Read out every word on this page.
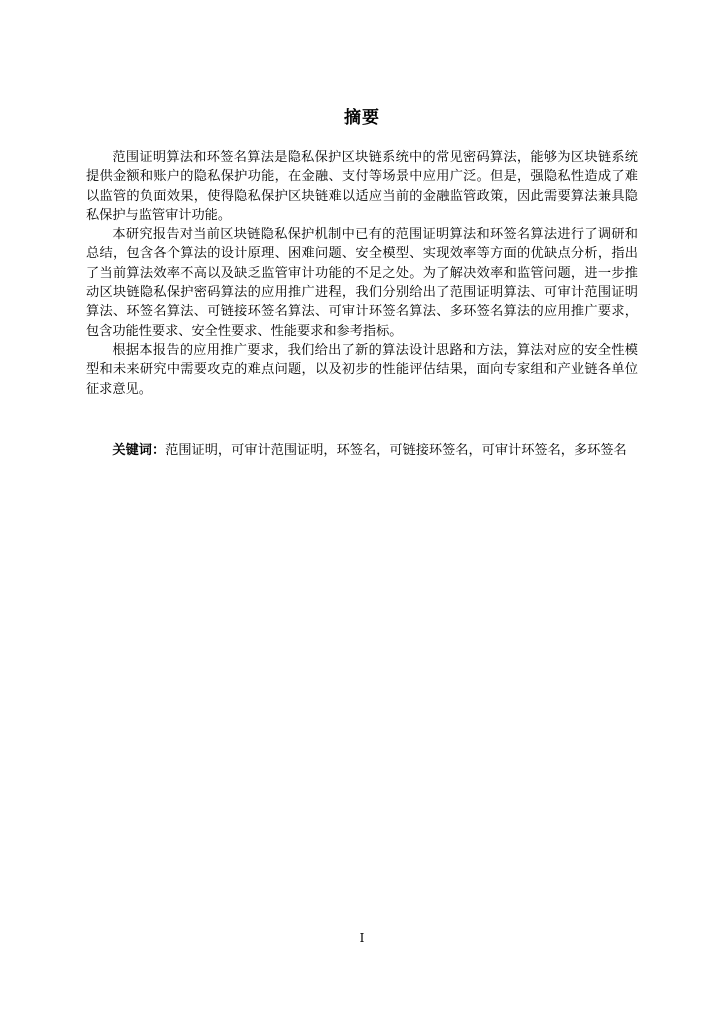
摘要

范围证明算法和环签名算法是隐私保护区块链系统中的常见密码算法，能够为区块链系统提供金额和账户的隐私保护功能，在金融、支付等场景中应用广泛。但是，强隐私性造成了难以监管的负面效果，使得隐私保护区块链难以适应当前的金融监管政策，因此需要算法兼具隐私保护与监管审计功能。

本研究报告对当前区块链隐私保护机制中已有的范围证明算法和环签名算法进行了调研和总结，包含各个算法的设计原理、困难问题、安全模型、实现效率等方面的优缺点分析，指出了当前算法效率不高以及缺乏监管审计功能的不足之处。为了解决效率和监管问题，进一步推动区块链隐私保护密码算法的应用推广进程，我们分别给出了范围证明算法、可审计范围证明算法、环签名算法、可链接环签名算法、可审计环签名算法、多环签名算法的应用推广要求，包含功能性要求、安全性要求、性能要求和参考指标。

根据本报告的应用推广要求，我们给出了新的算法设计思路和方法，算法对应的安全性模型和未来研究中需要攻克的难点问题，以及初步的性能评估结果，面向专家组和产业链各单位征求意见。

关键词：范围证明，可审计范围证明，环签名，可链接环签名，可审计环签名，多环签名

I
